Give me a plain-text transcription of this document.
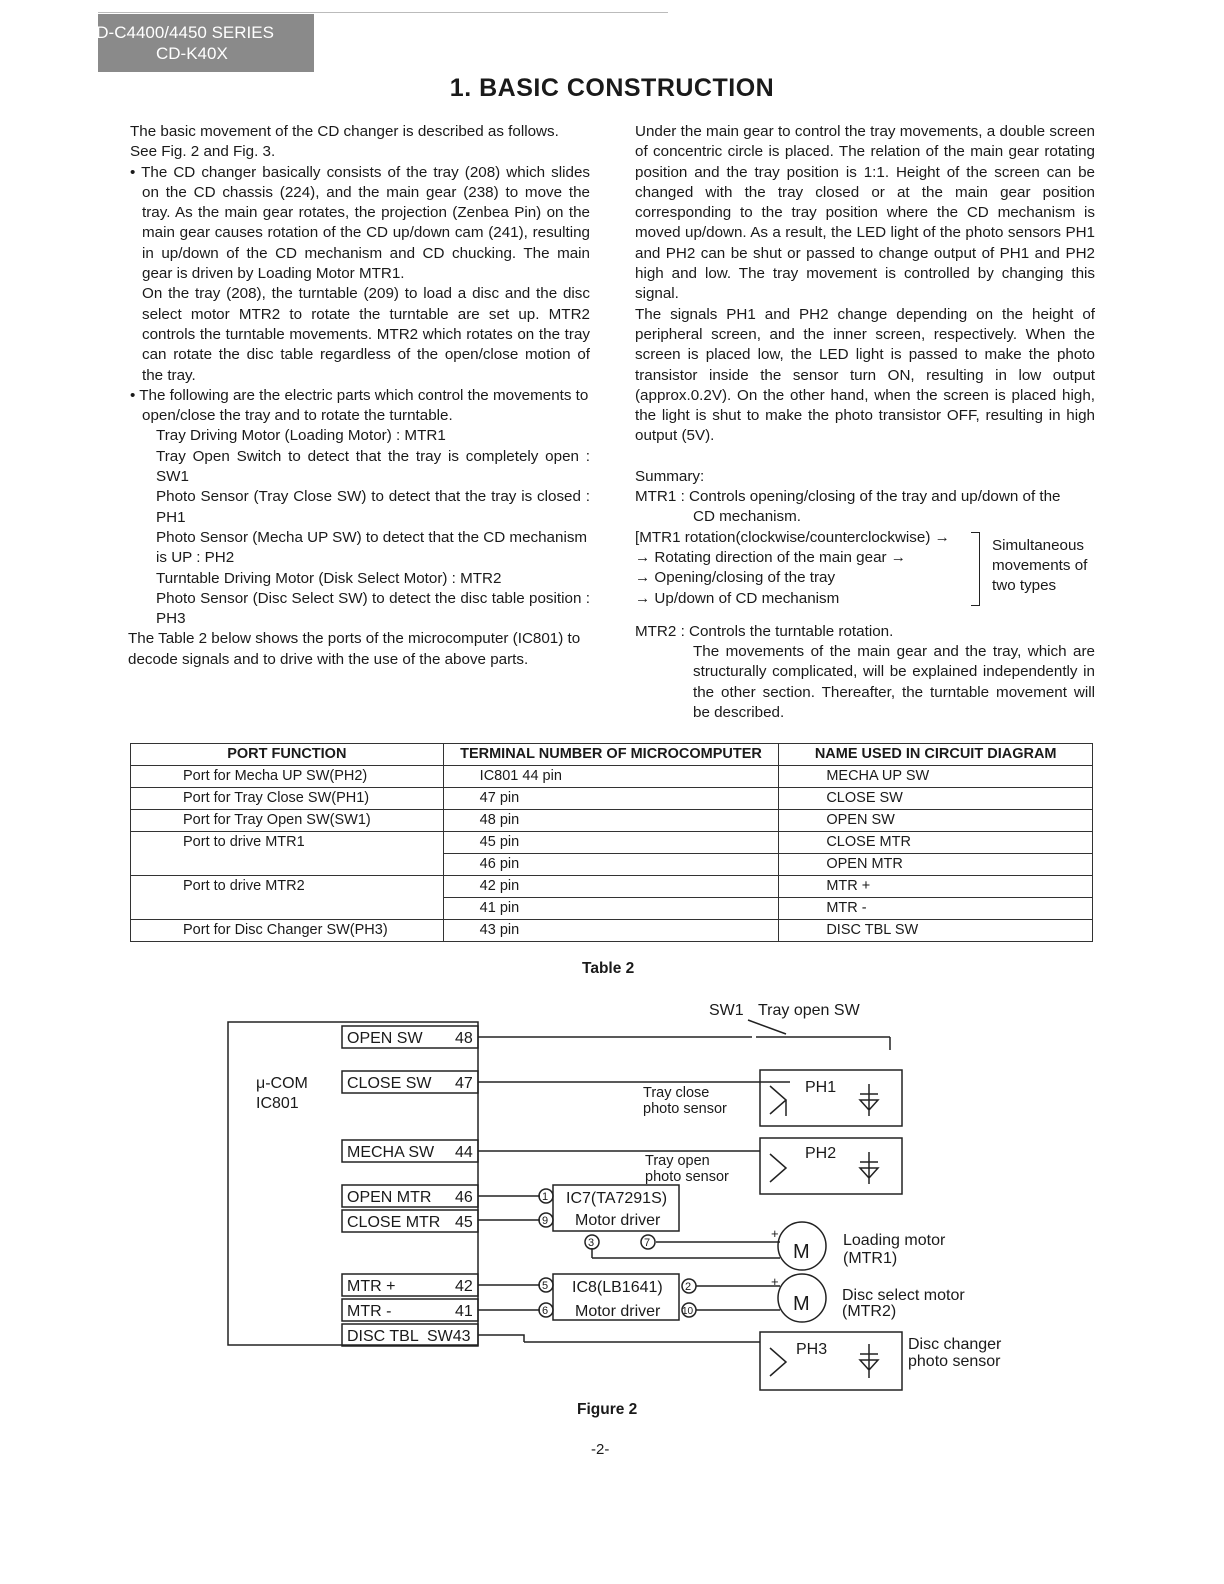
CD-C4400/4450 SERIES
CD-K40X
1. BASIC CONSTRUCTION

The basic movement of the CD changer is described as follows.

See Fig. 2 and Fig. 3.

• The CD changer basically consists of the tray (208) which slides on the CD chassis (224), and the main gear (238) to move the tray. As the main gear rotates, the projection (Zenbea Pin) on the main gear causes rotation of the CD up/down cam (241), resulting in up/down of the CD mechanism and CD chucking. The main gear is driven by Loading Motor MTR1.

On the tray (208), the turntable (209) to load a disc and the disc select motor MTR2 to rotate the turntable are set up. MTR2 controls the turntable movements. MTR2 which rotates on the tray can rotate the disc table regardless of the open/close motion of the tray.

• The following are the electric parts which control the movements to open/close the tray and to rotate the turntable.

Tray Driving Motor (Loading Motor) : MTR1

Tray Open Switch to detect that the tray is completely open : SW1

Photo Sensor (Tray Close SW) to detect that the tray is closed : PH1

Photo Sensor (Mecha UP SW) to detect that the CD mechanism is UP : PH2

Turntable Driving Motor (Disk Select Motor) : MTR2

Photo Sensor (Disc Select SW) to detect the disc table position : PH3

The Table 2 below shows the ports of the microcomputer (IC801) to decode signals and to drive with the use of the above parts.

Under the main gear to control the tray movements, a double screen of concentric circle is placed. The relation of the main gear rotating position and the tray position is 1:1. Height of the screen can be changed with the tray closed or at the main gear position corresponding to the tray position where the CD mechanism is moved up/down. As a result, the LED light of the photo sensors PH1 and PH2 can be shut or passed to change output of PH1 and PH2 high and low. The tray movement is controlled by changing this signal.

The signals PH1 and PH2 change depending on the height of peripheral screen, and the inner screen, respectively. When the screen is placed low, the LED light is passed to make the photo transistor inside the sensor turn ON, resulting in low output (approx.0.2V). On the other hand, when the screen is placed high, the light is shut to make the photo transistor OFF, resulting in high output (5V).

Summary:

MTR1 : Controls opening/closing of the tray and up/down of the

CD mechanism.

[MTR1 rotation(clockwise/counterclockwise) →

→ Rotating direction of the main gear →

→ Opening/closing of the tray

→ Up/down of CD mechanism

Simultaneous movements of two types

MTR2 : Controls the turntable rotation.

The movements of the main gear and the tray, which are structurally complicated, will be explained independently in the other section. Thereafter, the turntable movement will be described.

PORT FUNCTION	TERMINAL NUMBER OF MICROCOMPUTER	NAME USED IN CIRCUIT DIAGRAM
Port for Mecha UP SW(PH2)	IC801 44 pin	MECHA UP SW
Port for Tray Close SW(PH1)	47 pin	CLOSE SW
Port for Tray Open SW(SW1)	48 pin	OPEN SW
Port to drive MTR1	45 pin	CLOSE MTR
	46 pin	OPEN MTR
Port to drive MTR2	42 pin	MTR +
	41 pin	MTR -
Port for Disc Changer SW(PH3)	43 pin	DISC TBL SW
Table 2
μ-COM
IC801
OPEN SW 48
CLOSE SW 47
MECHA SW 44
OPEN MTR 46
CLOSE MTR 45
MTR +	42
MTR -	41
DISC TBL SW43
SW1 Tray open SW
Tray close
photo sensor
PH1
Tray open
photo sensor
PH2
IC7(TA7291S)
Motor driver
1
9
3	7
IC8(LB1641)
Motor driver
5
6
2
10
+
M
Loading motor
(MTR1)
+
M Disc select motor
(MTR2)
PH3	Disc changer
photo sensor
Figure 2
-2-
